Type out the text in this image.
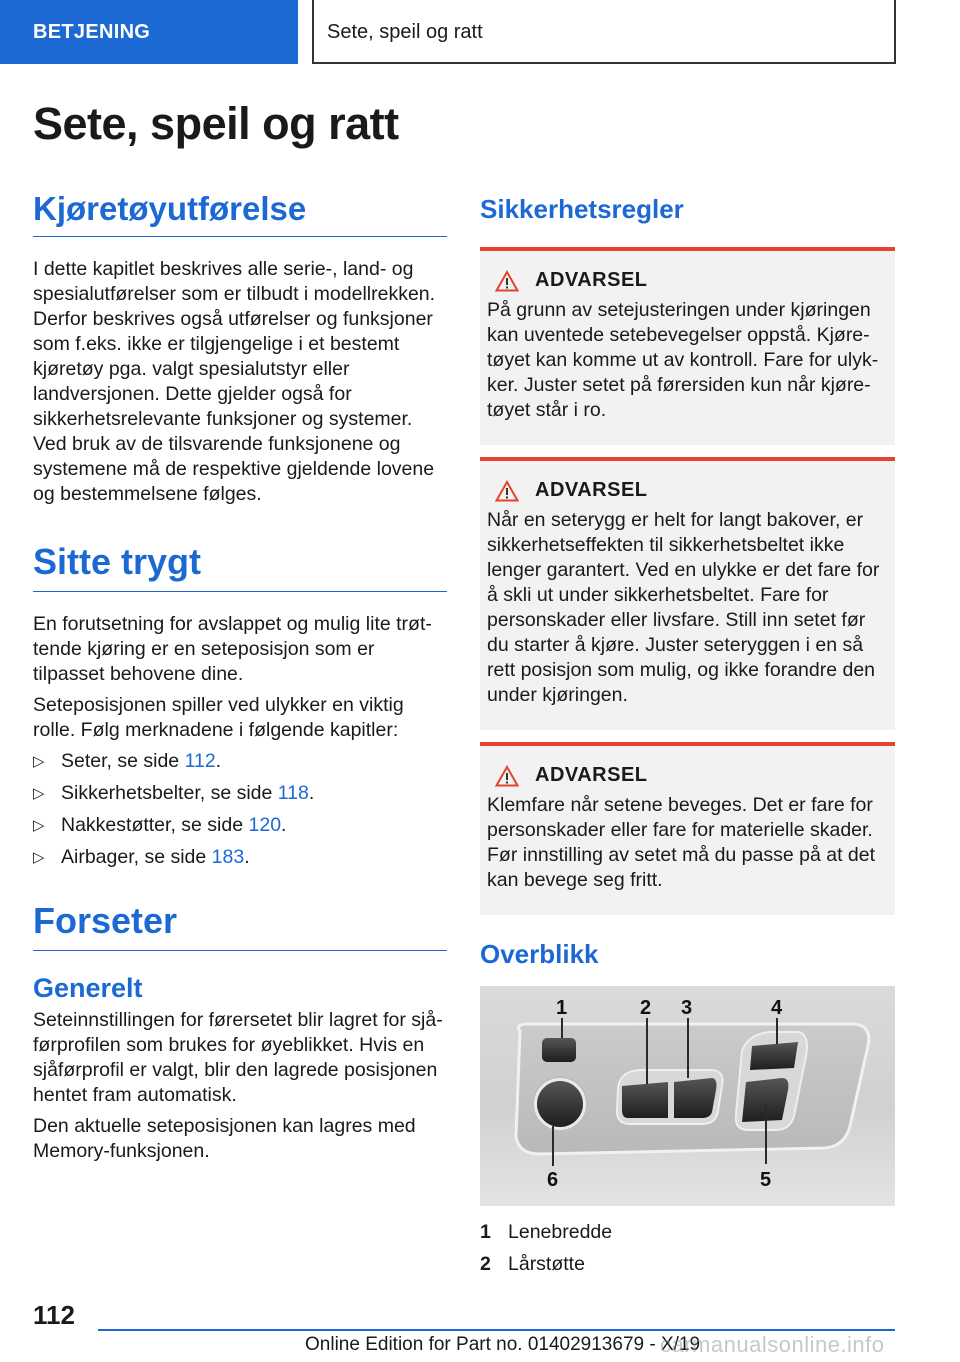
BETJENING	Sete, speil og ratt
Sete, speil og ratt
Kjøretøyutførelse

I dette kapitlet beskrives alle serie-, land- og spesialutførelser som er tilbudt i modellrekken. Derfor beskrives også utførelser og funksjoner som f.eks. ikke er tilgjengelige i et bestemt kjøretøy pga. valgt spesialutstyr eller landversjonen. Dette gjelder også for sikkerhetsrelevante funksjoner og systemer. Ved bruk av de tilsvarende funksjonene og systemene må de respektive gjeldende lovene og bestemmelsene følges.

Sitte trygt

En forutsetning for avslappet og mulig lite trøttende kjøring er en seteposisjon som er tilpasset behovene dine.

Seteposisjonen spiller ved ulykker en viktig rolle. Følg merknadene i følgende kapitler:

▷ Seter, se side 112.
▷ Sikkerhetsbelter, se side 118.
▷ Nakkestøtter, se side 120.
▷ Airbager, se side 183.
Forseter
Generelt

Seteinnstillingen for førersetet blir lagret for sjåførprofilen som brukes for øyeblikket. Hvis en sjåførprofil er valgt, blir den lagrede posisjonen hentet fram automatisk.

Den aktuelle seteposisjonen kan lagres med Memory-funksjonen.

Sikkerhetsregler
ADVARSEL

På grunn av setejusteringen under kjøringen kan uventede setebevegelser oppstå. Kjøretøyet kan komme ut av kontroll. Fare for ulykker. Juster setet på førersiden kun når kjøretøyet står i ro.

ADVARSEL

Når en seterygg er helt for langt bakover, er sikkerhetseffekten til sikkerhetsbeltet ikke lenger garantert. Ved en ulykke er det fare for å skli ut under sikkerhetsbeltet. Fare for personskader eller livsfare. Still inn setet før du starter å kjøre. Juster seteryggen i en så rett posisjon som mulig, og ikke forandre den under kjøringen.

ADVARSEL

Klemfare når setene beveges. Det er fare for personskader eller fare for materielle skader. Før innstilling av setet må du passe på at det kan bevege seg fritt.

Overblikk
1	2 3	4
5
6
1 Lenebredde
2 Lårstøtte
112
Online Edition for Part no. 01402913679 - X/19
carmanualsonline.info
